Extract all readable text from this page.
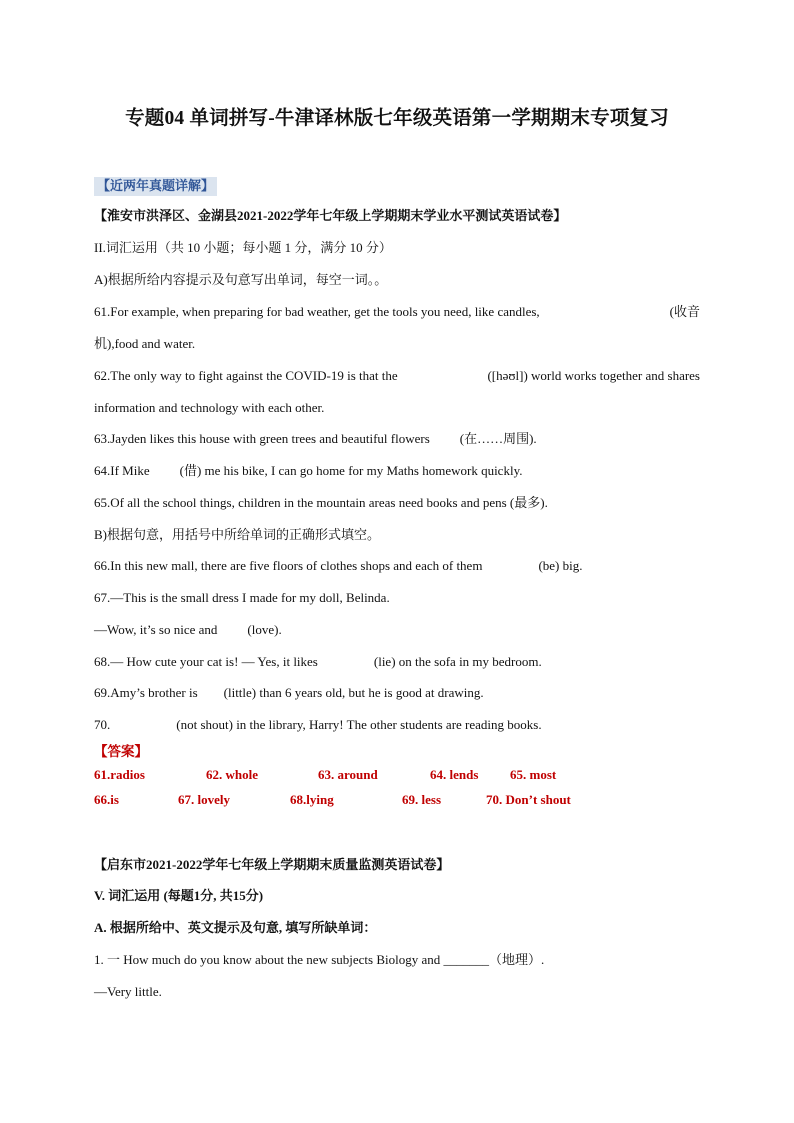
专题04 单词拼写-牛津译林版七年级英语第一学期期末专项复习
【近两年真题详解】
【淮安市洪泽区、金湖县2021-2022学年七年级上学期期末学业水平测试英语试卷】
II.词汇运用（共 10 小题；每小题 1 分，满分 10 分）
A)根据所给内容提示及句意写出单词，每空一词。。
61.For example, when preparing for bad weather, get the tools you need, like candles,	(收音
机),food and water.
62.The only way to fight against the COVID-19 is that the	([həʊl]) world works together and shares
information and technology with each other.
63.Jayden likes this house with green trees and beautiful flowers (在……周围).
64.If Mike (借) me his bike, I can go home for my Maths homework quickly.
65.Of all the school things, children in the mountain areas need books and pens (最多).
B)根据句意，用括号中所给单词的正确形式填空。
66.In this new mall, there are five floors of clothes shops and each of them	(be) big.
67.—This is the small dress I made for my doll, Belinda.
—Wow, it’s so nice and (love).
68.— How cute your cat is! — Yes, it likes	(lie) on the sofa in my bedroom.
69.Amy’s brother is (little) than 6 years old, but he is good at drawing.
70.	(not shout) in the library, Harry! The other students are reading books.
【答案】
61.radios	62. whole	63. around	64. lends 65. most
66.is	67. lovely	68.lying	69. less	70. Don’t shout
【启东市2021-2022学年七年级上学期期末质量监测英语试卷】
V. 词汇运用 (每题1分, 共15分)
A. 根据所给中、英文提示及句意, 填写所缺单词：
1. 一 How much do you know about the new subjects Biology and _______（地理）.
—Very little.
